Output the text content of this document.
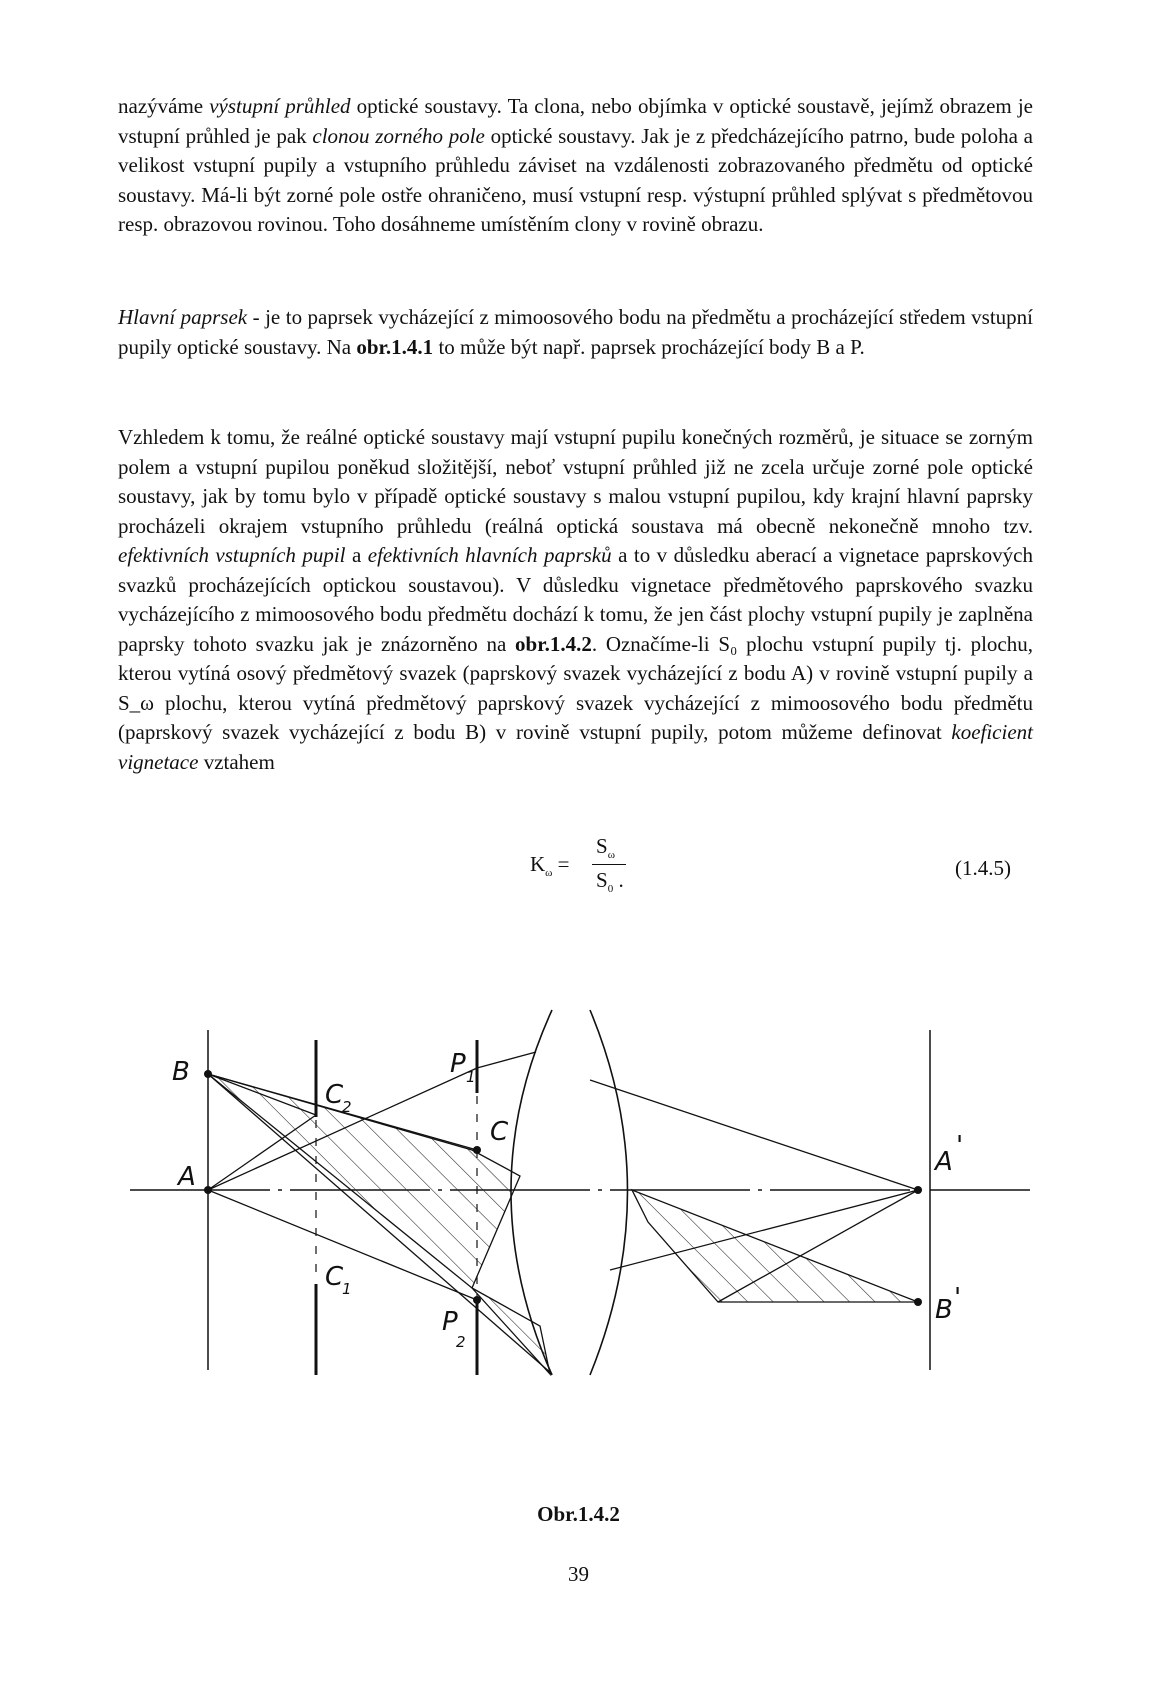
nazýváme výstupní průhled optické soustavy. Ta clona, nebo objímka v optické soustavě, jejímž obrazem je vstupní průhled je pak clonou zorného pole optické soustavy. Jak je z předcházejícího patrno, bude poloha a velikost vstupní pupily a vstupního průhledu záviset na vzdálenosti zobrazovaného předmětu od optické soustavy. Má-li být zorné pole ostře ohraničeno, musí vstupní resp. výstupní průhled splývat s předmětovou resp. obrazovou rovinou. Toho dosáhneme umístěním clony v rovině obrazu.
Hlavní paprsek - je to paprsek vycházející z mimoosového bodu na předmětu a procházející středem vstupní pupily optické soustavy. Na obr.1.4.1 to může být např. paprsek procházející body B a P.
Vzhledem k tomu, že reálné optické soustavy mají vstupní pupilu konečných rozměrů, je situace se zorným polem a vstupní pupilou poněkud složitější, neboť vstupní průhled již ne zcela určuje zorné pole optické soustavy, jak by tomu bylo v případě optické soustavy s malou vstupní pupilou, kdy krajní hlavní paprsky procházeli okrajem vstupního průhledu (reálná optická soustava má obecně nekonečně mnoho tzv. efektivních vstupních pupil a efektivních hlavních paprsků a to v důsledku aberací a vignetace paprskových svazků procházejících optickou soustavou). V důsledku vignetace předmětového paprskového svazku vycházejícího z mimoosového bodu předmětu dochází k tomu, že jen část plochy vstupní pupily je zaplněna paprsky tohoto svazku jak je znázorněno na obr.1.4.2. Označíme-li S₀ plochu vstupní pupily tj. plochu, kterou vytíná osový předmětový svazek (paprskový svazek vycházející z bodu A) v rovině vstupní pupily a S_ω plochu, kterou vytíná předmětový paprskový svazek vycházející z mimoosového bodu předmětu (paprskový svazek vycházející z bodu B) v rovině vstupní pupily, potom můžeme definovat koeficient vignetace vztahem
$K_\omega$ =
$S_\omega$
$S_0$ .	(1.4.5)
B
C
2
P 1
C
A	A
'
C
1
P
2
B '
Obr.1.4.2
39
